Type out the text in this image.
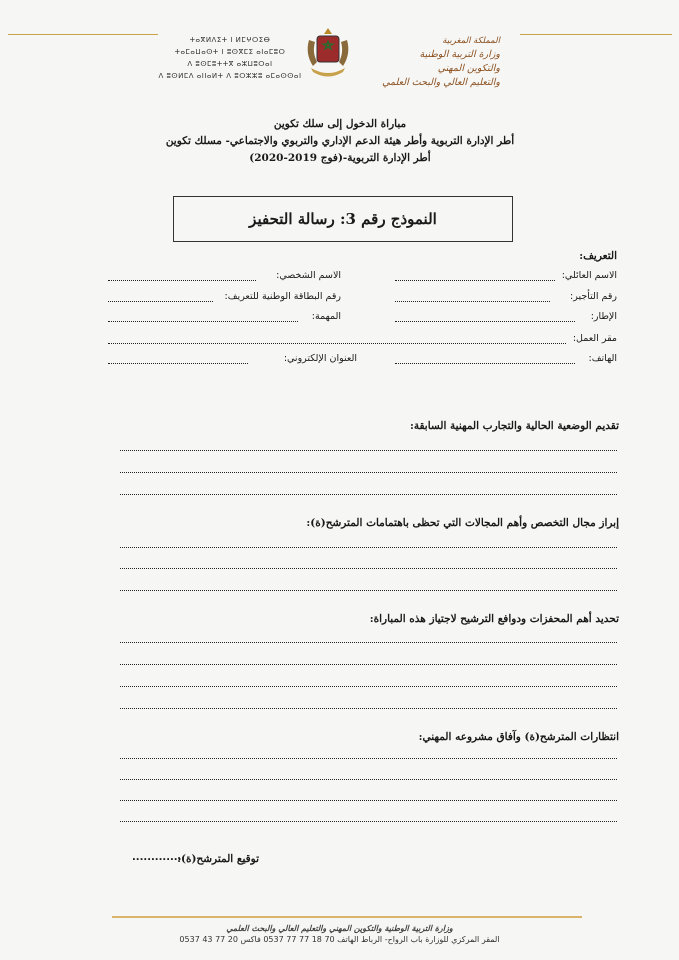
ⵜⴰⴳⵍⴷⵉⵜ ⵏ ⵍⵎⵖⵔⵉⴱ
ⵜⴰⵎⴰⵡⴰⵙⵜ ⵏ ⵓⵙⴳⵎⵉ ⴰⵏⴰⵎⵓⵔ
ⴷ ⵓⵙⵎⵓⵜⵜⴳ ⴰⵣⵡⵓⵔⴰⵏ
ⴷ ⵓⵙⵍⵎⴷ ⴰⵏⵏⴰⵍⵜ ⴷ ⵓⵔⵣⵣⵓ ⴰⵎⴰⵙⵙⴰⵏ
المملكة المغربية
وزارة التربية الوطنية
والتكوين المهني
والتعليم العالي والبحث العلمي
مباراة الدخول إلى سلك تكوين
أطر الإدارة التربوية وأطر هيئة الدعم الإداري والتربوي والاجتماعي- مسلك تكوين
أطر الإدارة التربوية-(فوج 2019-2020)
النموذج رقم 3: رسالة التحفيز
التعريف:
الاسم العائلي:
الاسم الشخصي:
رقم التأجير:
رقم البطاقة الوطنية للتعريف:
الإطار:
المهمة:
مقر العمل:
الهاتف:
العنوان الإلكتروني:
تقديم الوضعية الحالية والتجارب المهنية السابقة:
إبراز مجال التخصص وأهم المجالات التي تحظى باهتمامات المترشح(ة):
تحديد أهم المحفزات ودوافع الترشيح لاجتياز هذه المباراة:
انتظارات المترشح(ة) وآفاق مشروعه المهني:
توقيع المترشح(ة):
.............
وزارة التربية الوطنية والتكوين المهني والتعليم العالي والبحث العلمي
المقر المركزي للوزارة باب الرواح- الرباط الهاتف 70 18 77 77 0537 فاكس 20 77 43 0537
